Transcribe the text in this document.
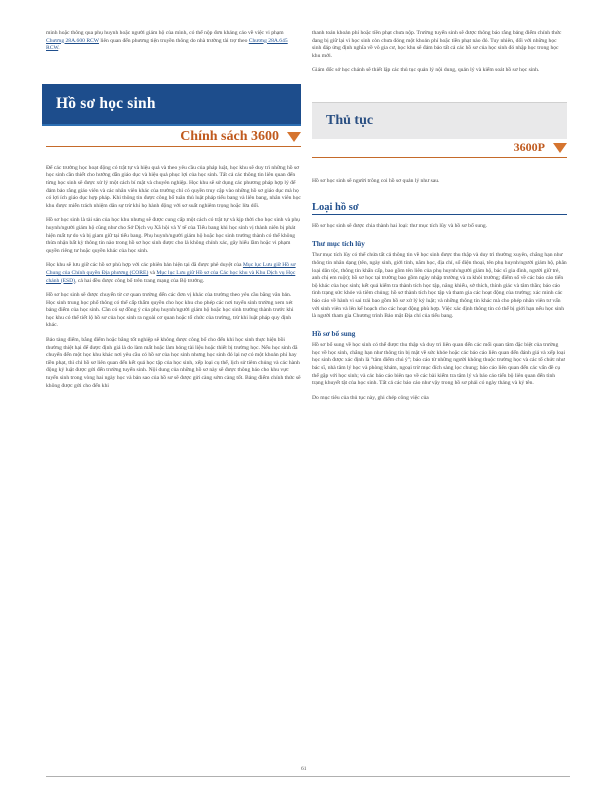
minh hoặc thông qua phụ huynh hoặc người giám hộ của mình, có thể nộp đơn kháng cáo về việc vi phạm Chương 28A.600 RCW liên quan đến phương tiện truyền thông do nhà trường tài trợ theo Chương 28A.645 RCW.

Hồ sơ học sinh
Chính sách 3600

Để các trường học hoạt động có trật tự và hiệu quả và theo yêu cầu của pháp luật, học khu sẽ duy trì những hồ sơ học sinh cần thiết cho hướng dẫn giáo dục và hiệu quả phục lợi của học sinh. Tất cả các thông tin liên quan đến từng học sinh sẽ được xử lý một cách bí mật và chuyên nghiệp. Học khu sẽ sử dụng các phương pháp hợp lý để đảm bảo rằng giáo viên và các nhân viên khác của trường chỉ có quyền truy cập vào những hồ sơ giáo dục mà họ có lợi ích giáo dục hợp pháp. Khi thông tin được công bố tuân thủ luật pháp tiểu bang và liên bang, nhân viên học khu được miễn trách nhiệm dân sự trừ khi họ hành động với sơ suất nghiêm trọng hoặc lừa dối.

Hồ sơ học sinh là tài sản của học khu nhưng sẽ được cung cấp một cách có trật tự và kịp thời cho học sinh và phụ huynh/người giám hộ cũng như cho Sở Dịch vụ Xã hội và Y tế của Tiểu bang khi học sinh vị thành niên bị phát hiện mất tự do và bị giam giữ tại tiểu bang. Phụ huynh/người giám hộ hoặc học sinh trưởng thành có thể không thừa nhận bất kỳ thông tin nào trong hồ sơ học sinh được cho là không chính xác, gây hiểu lầm hoặc vi phạm quyền riêng tư hoặc quyền khác của học sinh.

Học khu sẽ lưu giữ các hồ sơ phù hợp với các phiên bản hiện tại đã được phê duyệt của Mục lục Lưu giữ Hồ sơ Chung của Chính quyền Địa phương (CORE) và Mục lục Lưu giữ Hồ sơ của Các học khu và Khu Dịch vụ Học chánh (ESD), cả hai đều được công bố trên trang mạng của Bộ trưởng.

Hồ sơ học sinh sẽ được chuyển từ cơ quan trường đến các đơn vị khác của trường theo yêu cầu bằng văn bản. Học sinh trung học phổ thông có thể cấp thẩm quyền cho học khu cho phép các nơi tuyển sinh trường xem xét bảng điểm của học sinh. Cần có sự đồng ý của phụ huynh/người giám hộ hoặc học sinh trưởng thành trước khi học khu có thể tiết lộ hồ sơ của học sinh ra ngoài cơ quan hoặc tổ chức của trường, trừ khi luật pháp quy định khác.

Bảo tàng điểm, bằng điểm hoặc bằng tốt nghiệp sẽ không được công bố cho đến khi học sinh thực hiện bồi thường thiệt hại để được định giá là do làm mất hoặc làm hỏng tài liệu hoặc thiết bị trường học. Nếu học sinh đã chuyển đến một học khu khác nơi yêu cầu có hồ sơ của học sinh nhưng học sinh đó lại nợ có một khoản phí hay tiền phạt, thì chỉ hồ sơ liên quan đến kết quả học tập của học sinh, xếp loại cụ thể, lịch sử tiêm chủng và các hành động kỷ luật được gửi đến trường tuyển sinh. Nội dung của những hồ sơ này sẽ được thông báo cho khu vực tuyển sinh trong vòng hai ngày học và bản sao của hồ sơ sẽ được gửi càng sớm càng tốt. Bảng điểm chính thức sẽ không được gửi cho đến khi

thanh toán khoản phí hoặc tiền phạt chưa nộp. Trường tuyển sinh sẽ được thông báo rằng bảng điểm chính thức đang bị giữ lại vì học sinh còn chưa đóng một khoản phí hoặc tiền phạt nào đó. Tuy nhiên, đối với những học sinh đáp ứng định nghĩa về vô gia cư, học khu sẽ đảm bảo tất cả các hồ sơ của học sinh đó nhập học trong học khu mới.

Giám đốc sở học chánh sẽ thiết lập các thủ tục quản lý nội dung, quản lý và kiểm soát hồ sơ học sinh.

Thủ tục
3600P

Hồ sơ học sinh sẽ người trông coi hồ sơ quản lý như sau.

Loại hồ sơ

Hồ sơ học sinh sẽ được chia thành hai loại: thư mục tích lũy và hồ sơ bổ sung.

Thư mục tích lũy

Thư mục tích lũy có thể chứa tất cả thông tin về học sinh được thu thập và duy trì thường xuyên, chẳng hạn như thông tin nhân dạng (tên, ngày sinh, giới tính, năm học, địa chỉ, số điện thoại, tên phụ huynh/người giám hộ, phân loại dân tộc, thông tin khẩn cấp, bao gồm tên liên của phụ huynh/người giám hộ, bác sĩ gia đình, người giữ trẻ, anh chị em ruột); hồ sơ học tại trường bao gồm ngày nhập trường và ra khỏi trường; điểm số về các báo cáo tiến bộ khác của học sinh; kết quả kiểm tra thành tích học tập, năng khiếu, sở thích, thính giác và tâm thần; báo cáo tình trạng sức khỏe và tiêm chủng; hồ sơ thành tích học tập và tham gia các hoạt động của trường; xác minh các báo cáo về hành vi sai trái bao gồm hồ sơ xử lý kỷ luật; và những thông tin khác mà cho phép nhân viên tư vấn với sinh viên và lên kế hoạch cho các hoạt động phù hợp. Việc xác định thông tin có thể bị giới hạn nếu học sinh là người tham gia Chương trình Bảo mật Địa chỉ của tiểu bang.

Hồ sơ bổ sung

Hồ sơ bổ sung về học sinh có thể được thu thập và duy trì liên quan đến các mối quan tâm đặc biệt của trường học về học sinh, chẳng hạn như thông tin bị mật về sức khỏe hoặc các báo cáo liên quan đến đánh giá và xếp loại học sinh được xác định là "tâm điểm chú ý"; báo cáo từ những người không thuộc trường học và các tổ chức như bác sĩ, nhà tâm lý học và phòng khám, ngoại trừ mục đích sàng lọc chung; báo cáo liên quan đến các vấn đề cụ thể gặp với học sinh; và các báo cáo biên tạo về các bài kiểm tra tâm lý và báo cáo tiến bộ liên quan đến tình trạng khuyết tật của học sinh. Tất cả các báo cáo như vậy trong hồ sơ phải có ngày tháng và ký tên.

Do mục tiêu của thủ tục này, ghi chép công việc của

61
